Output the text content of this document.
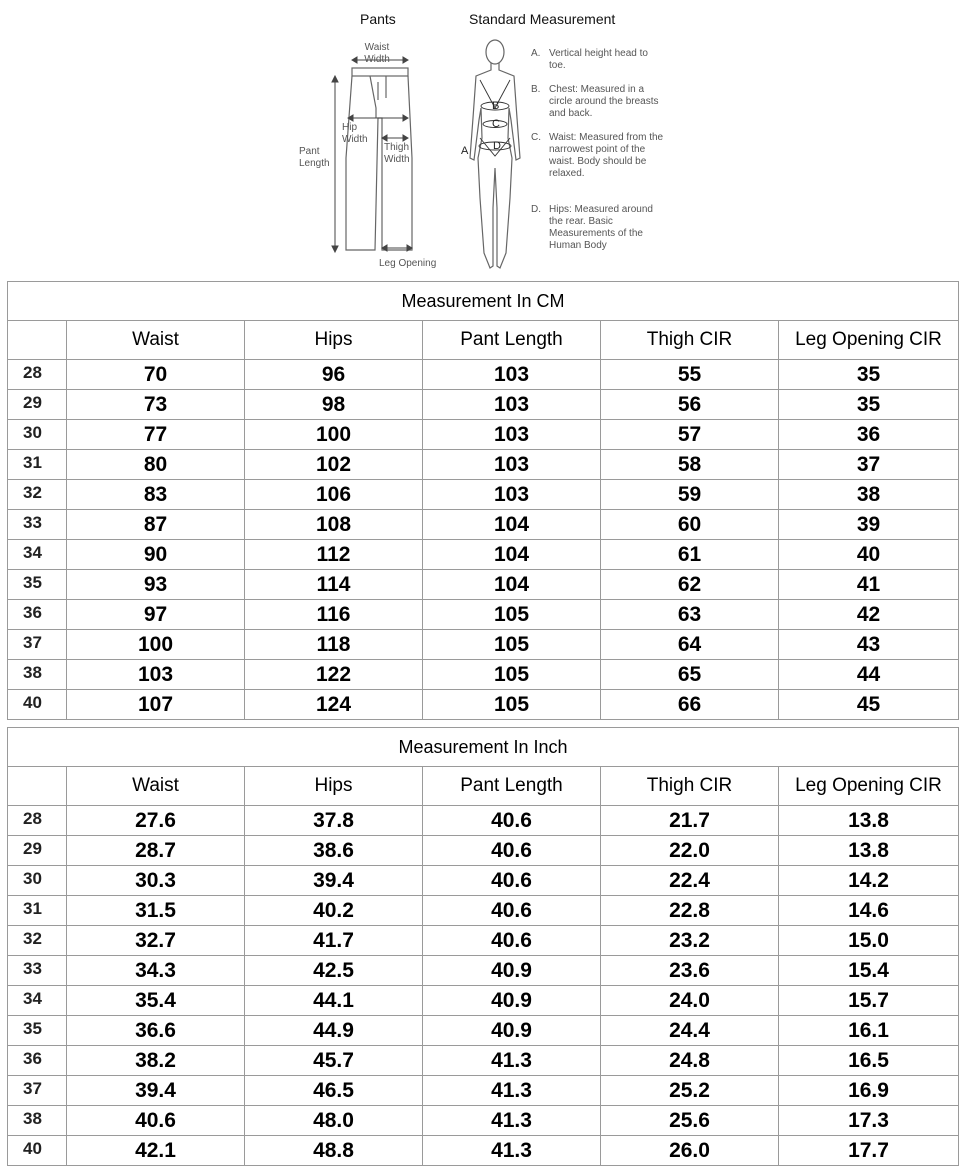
Pants	Standard Measurement
Waist Width
Hip Width
Thigh Width
Pant Length
Leg Opening
B
C
D
A
A. Vertical height head to toe.
B. Chest: Measured in a circle around the breasts and back.
C. Waist: Measured from the narrowest point of the waist. Body should be relaxed.
D. Hips: Measured around the rear. Basic Measurements of the Human Body
Measurement In CM					
	Waist	Hips	Pant Length	Thigh CIR	Leg Opening CIR
28	70	96	103	55	35
29	73	98	103	56	35
30	77	100	103	57	36
31	80	102	103	58	37
32	83	106	103	59	38
33	87	108	104	60	39
34	90	112	104	61	40
35	93	114	104	62	41
36	97	116	105	63	42
37	100	118	105	64	43
38	103	122	105	65	44
40	107	124	105	66	45
Measurement In Inch					
	Waist	Hips	Pant Length	Thigh CIR	Leg Opening CIR
28	27.6	37.8	40.6	21.7	13.8
29	28.7	38.6	40.6	22.0	13.8
30	30.3	39.4	40.6	22.4	14.2
31	31.5	40.2	40.6	22.8	14.6
32	32.7	41.7	40.6	23.2	15.0
33	34.3	42.5	40.9	23.6	15.4
34	35.4	44.1	40.9	24.0	15.7
35	36.6	44.9	40.9	24.4	16.1
36	38.2	45.7	41.3	24.8	16.5
37	39.4	46.5	41.3	25.2	16.9
38	40.6	48.0	41.3	25.6	17.3
40	42.1	48.8	41.3	26.0	17.7
